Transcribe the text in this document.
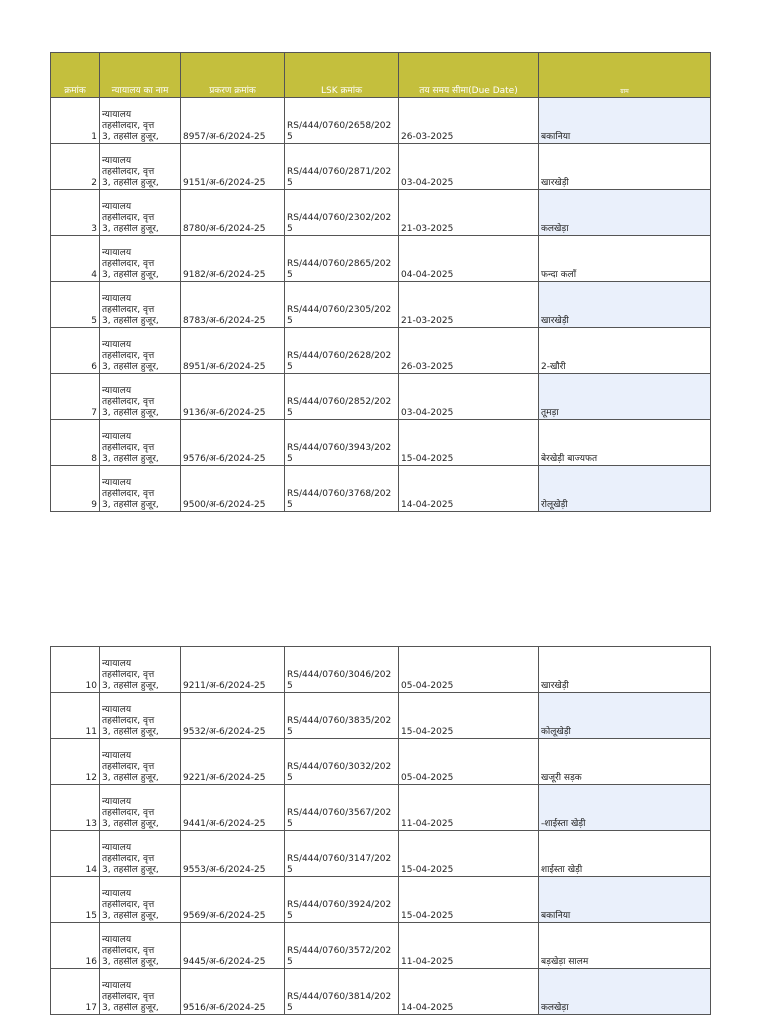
क्रमांक	न्यायालय का नाम	प्रकरण क्रमांक	LSK क्रमांक	तय समय सीमा(Due Date)	ग्राम
1	न्यायालय
तहसीलदार, वृत्त
3, तहसील हुजूर,	8957/अ-6/2024-25	RS/444/0760/2658/202
5	26-03-2025	बकानिया
2	न्यायालय
तहसीलदार, वृत्त
3, तहसील हुजूर,	9151/अ-6/2024-25	RS/444/0760/2871/202
5	03-04-2025	खारखेड़ी
3	न्यायालय
तहसीलदार, वृत्त
3, तहसील हुजूर,	8780/अ-6/2024-25	RS/444/0760/2302/202
5	21-03-2025	कलखेड़ा
4	न्यायालय
तहसीलदार, वृत्त
3, तहसील हुजूर,	9182/अ-6/2024-25	RS/444/0760/2865/202
5	04-04-2025	फन्दा कलाँ
5	न्यायालय
तहसीलदार, वृत्त
3, तहसील हुजूर,	8783/अ-6/2024-25	RS/444/0760/2305/202
5	21-03-2025	खारखेड़ी
6	न्यायालय
तहसीलदार, वृत्त
3, तहसील हुजूर,	8951/अ-6/2024-25	RS/444/0760/2628/202
5	26-03-2025	2-खौरी
7	न्यायालय
तहसीलदार, वृत्त
3, तहसील हुजूर,	9136/अ-6/2024-25	RS/444/0760/2852/202
5	03-04-2025	तूमड़ा
8	न्यायालय
तहसीलदार, वृत्त
3, तहसील हुजूर,	9576/अ-6/2024-25	RS/444/0760/3943/202
5	15-04-2025	बेरखेड़ी बाज्यफत
9	न्यायालय
तहसीलदार, वृत्त
3, तहसील हुजूर,	9500/अ-6/2024-25	RS/444/0760/3768/202
5	14-04-2025	रोलूखेड़ी
10	न्यायालय
तहसीलदार, वृत्त
3, तहसील हुजूर,	9211/अ-6/2024-25	RS/444/0760/3046/202
5	05-04-2025	खारखेड़ी
11	न्यायालय
तहसीलदार, वृत्त
3, तहसील हुजूर,	9532/अ-6/2024-25	RS/444/0760/3835/202
5	15-04-2025	कोलूखेड़ी
12	न्यायालय
तहसीलदार, वृत्त
3, तहसील हुजूर,	9221/अ-6/2024-25	RS/444/0760/3032/202
5	05-04-2025	खजूरी सड़क
13	न्यायालय
तहसीलदार, वृत्त
3, तहसील हुजूर,	9441/अ-6/2024-25	RS/444/0760/3567/202
5	11-04-2025	-शाईस्ता खेड़ी
14	न्यायालय
तहसीलदार, वृत्त
3, तहसील हुजूर,	9553/अ-6/2024-25	RS/444/0760/3147/202
5	15-04-2025	शाईस्ता खेड़ी
15	न्यायालय
तहसीलदार, वृत्त
3, तहसील हुजूर,	9569/अ-6/2024-25	RS/444/0760/3924/202
5	15-04-2025	बकानिया
16	न्यायालय
तहसीलदार, वृत्त
3, तहसील हुजूर,	9445/अ-6/2024-25	RS/444/0760/3572/202
5	11-04-2025	बड़खेड़ा सालम
17	न्यायालय
तहसीलदार, वृत्त
3, तहसील हुजूर,	9516/अ-6/2024-25	RS/444/0760/3814/202
5	14-04-2025	कलखेड़ा
